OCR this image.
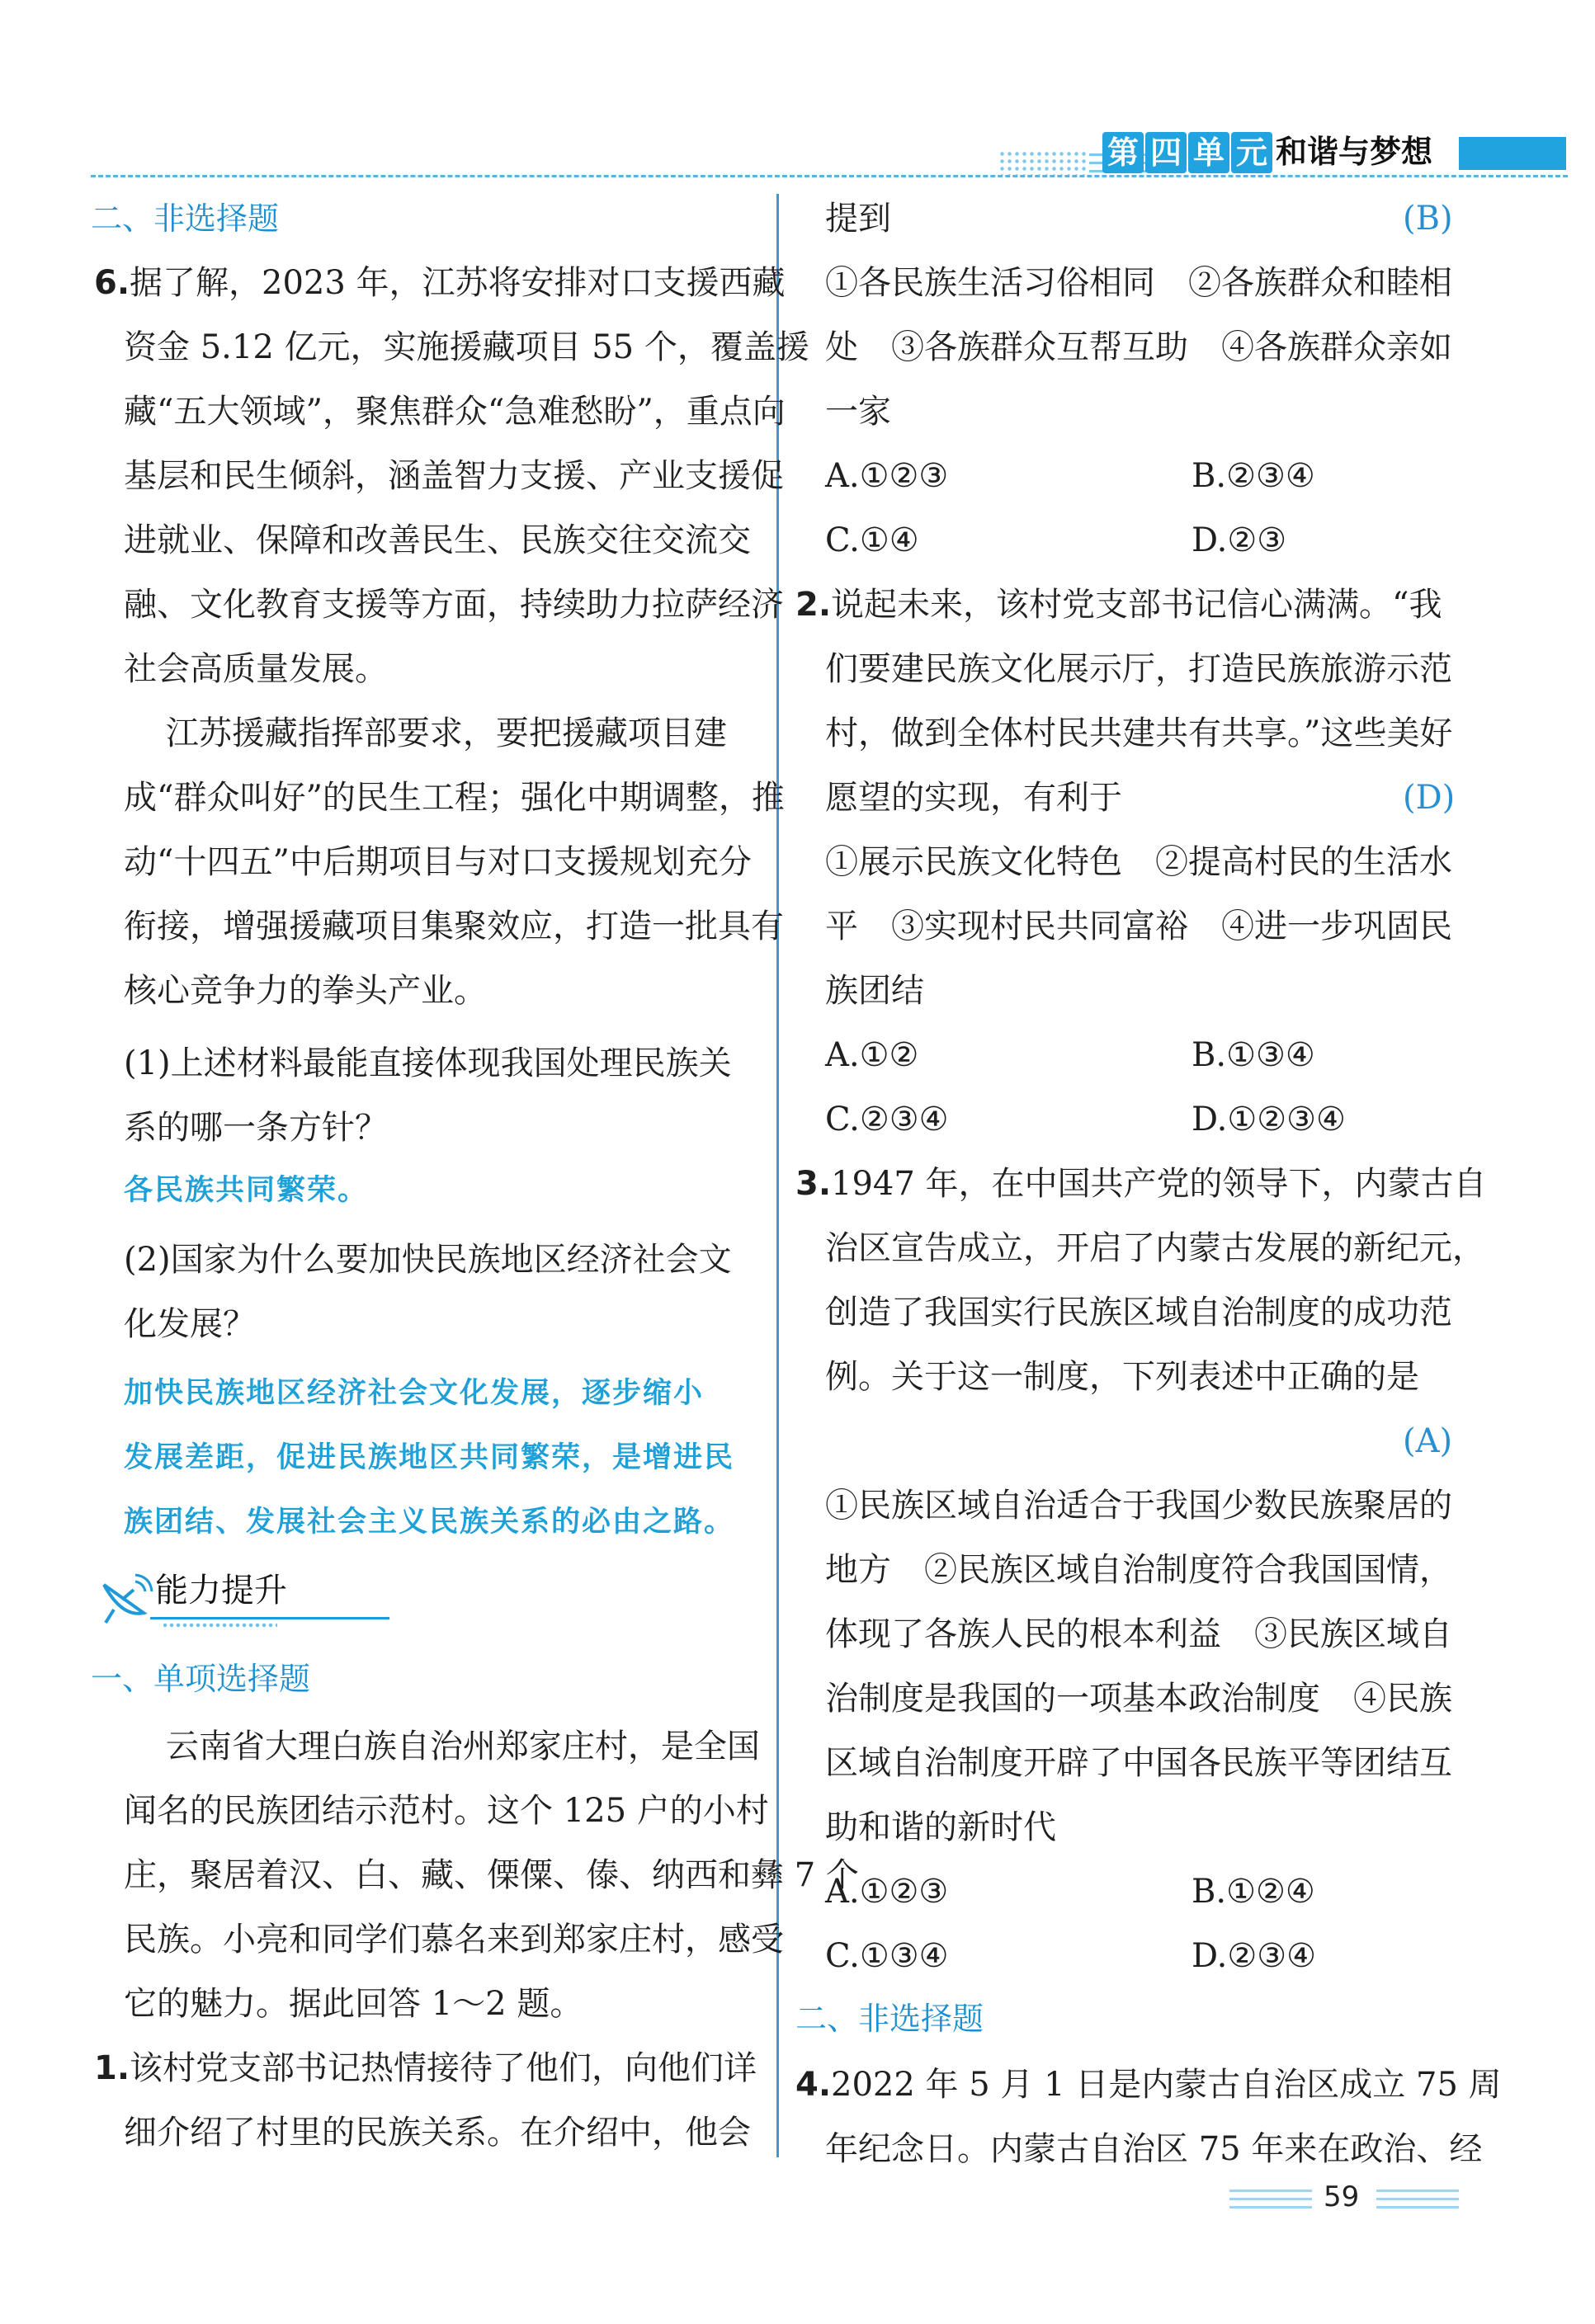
第 四 单 元 和谐与梦想
二、非选择题
6.据了解，2023 年，江苏将安排对口支援西藏
资金 5.12 亿元，实施援藏项目 55 个，覆盖援
藏“五大领域”，聚焦群众“急难愁盼”，重点向
基层和民生倾斜，涵盖智力支援、产业支援促
进就业、保障和改善民生、民族交往交流交
融、文化教育支援等方面，持续助力拉萨经济
社会高质量发展。
江苏援藏指挥部要求，要把援藏项目建
成“群众叫好”的民生工程；强化中期调整，推
动“十四五”中后期项目与对口支援规划充分
衔接，增强援藏项目集聚效应，打造一批具有
核心竞争力的拳头产业。
(1)上述材料最能直接体现我国处理民族关
系的哪一条方针？
各民族共同繁荣。
(2)国家为什么要加快民族地区经济社会文
化发展？
加快民族地区经济社会文化发展，逐步缩小
发展差距，促进民族地区共同繁荣，是增进民
族团结、发展社会主义民族关系的必由之路。
能力提升
一、单项选择题
云南省大理白族自治州郑家庄村，是全国
闻名的民族团结示范村。这个 125 户的小村
庄，聚居着汉、白、藏、傈僳、傣、纳西和彝 7 个
民族。小亮和同学们慕名来到郑家庄村，感受
它的魅力。据此回答 1～2 题。
1.该村党支部书记热情接待了他们，向他们详
细介绍了村里的民族关系。在介绍中，他会
提到	(B)
①各民族生活习俗相同　②各族群众和睦相
处　③各族群众互帮互助　④各族群众亲如
一家
A.①②③	B.②③④
C.①④	D.②③
2.说起未来，该村党支部书记信心满满。“我
们要建民族文化展示厅，打造民族旅游示范
村，做到全体村民共建共有共享。”这些美好
愿望的实现，有利于	(D)
①展示民族文化特色　②提高村民的生活水
平　③实现村民共同富裕　④进一步巩固民
族团结
A.①②	B.①③④
C.②③④	D.①②③④
3.1947 年，在中国共产党的领导下，内蒙古自
治区宣告成立，开启了内蒙古发展的新纪元，
创造了我国实行民族区域自治制度的成功范
例。关于这一制度，下列表述中正确的是
(A)
①民族区域自治适合于我国少数民族聚居的
地方　②民族区域自治制度符合我国国情，
体现了各族人民的根本利益　③民族区域自
治制度是我国的一项基本政治制度　④民族
区域自治制度开辟了中国各民族平等团结互
助和谐的新时代
A.①②③	B.①②④
C.①③④	D.②③④
二、非选择题
4.2022 年 5 月 1 日是内蒙古自治区成立 75 周
年纪念日。内蒙古自治区 75 年来在政治、经
59
